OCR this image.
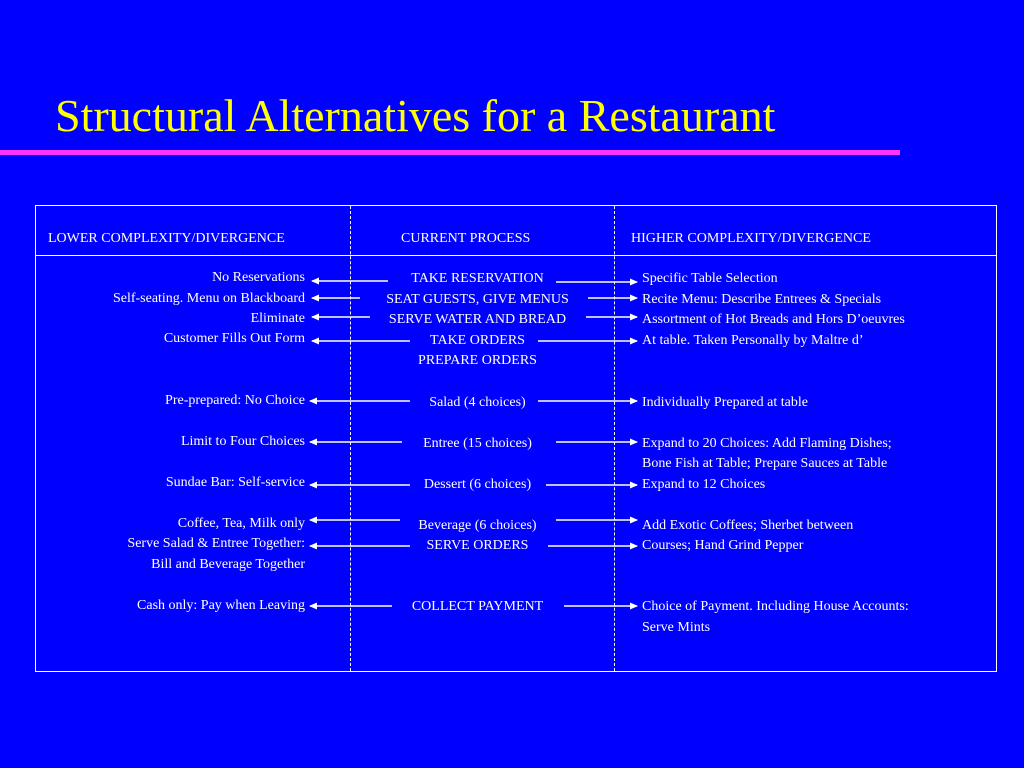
Structural Alternatives for a Restaurant
LOWER COMPLEXITY/DIVERGENCE	CURRENT PROCESS	HIGHER COMPLEXITY/DIVERGENCE
No Reservations
Self-seating. Menu on Blackboard
Eliminate
Customer Fills Out Form
Pre-prepared: No Choice
Limit to Four Choices
Sundae Bar: Self-service
Coffee, Tea, Milk only
Serve Salad & Entree Together:
Bill and Beverage Together
Cash only: Pay when Leaving
TAKE RESERVATION
SEAT GUESTS, GIVE MENUS
SERVE WATER AND BREAD
TAKE ORDERS
PREPARE ORDERS
Salad (4 choices)
Entree (15 choices)
Dessert (6 choices)
Beverage (6 choices)
SERVE ORDERS
COLLECT PAYMENT
Specific Table Selection
Recite Menu: Describe Entrees & Specials
Assortment of Hot Breads and Hors D’oeuvres
At table. Taken Personally by Maltre d’
Individually Prepared at table
Expand to 20 Choices: Add Flaming Dishes;
Bone Fish at Table; Prepare Sauces at Table
Expand to 12 Choices
Add Exotic Coffees; Sherbet between
Courses; Hand Grind Pepper
Choice of Payment. Including House Accounts:
Serve Mints
